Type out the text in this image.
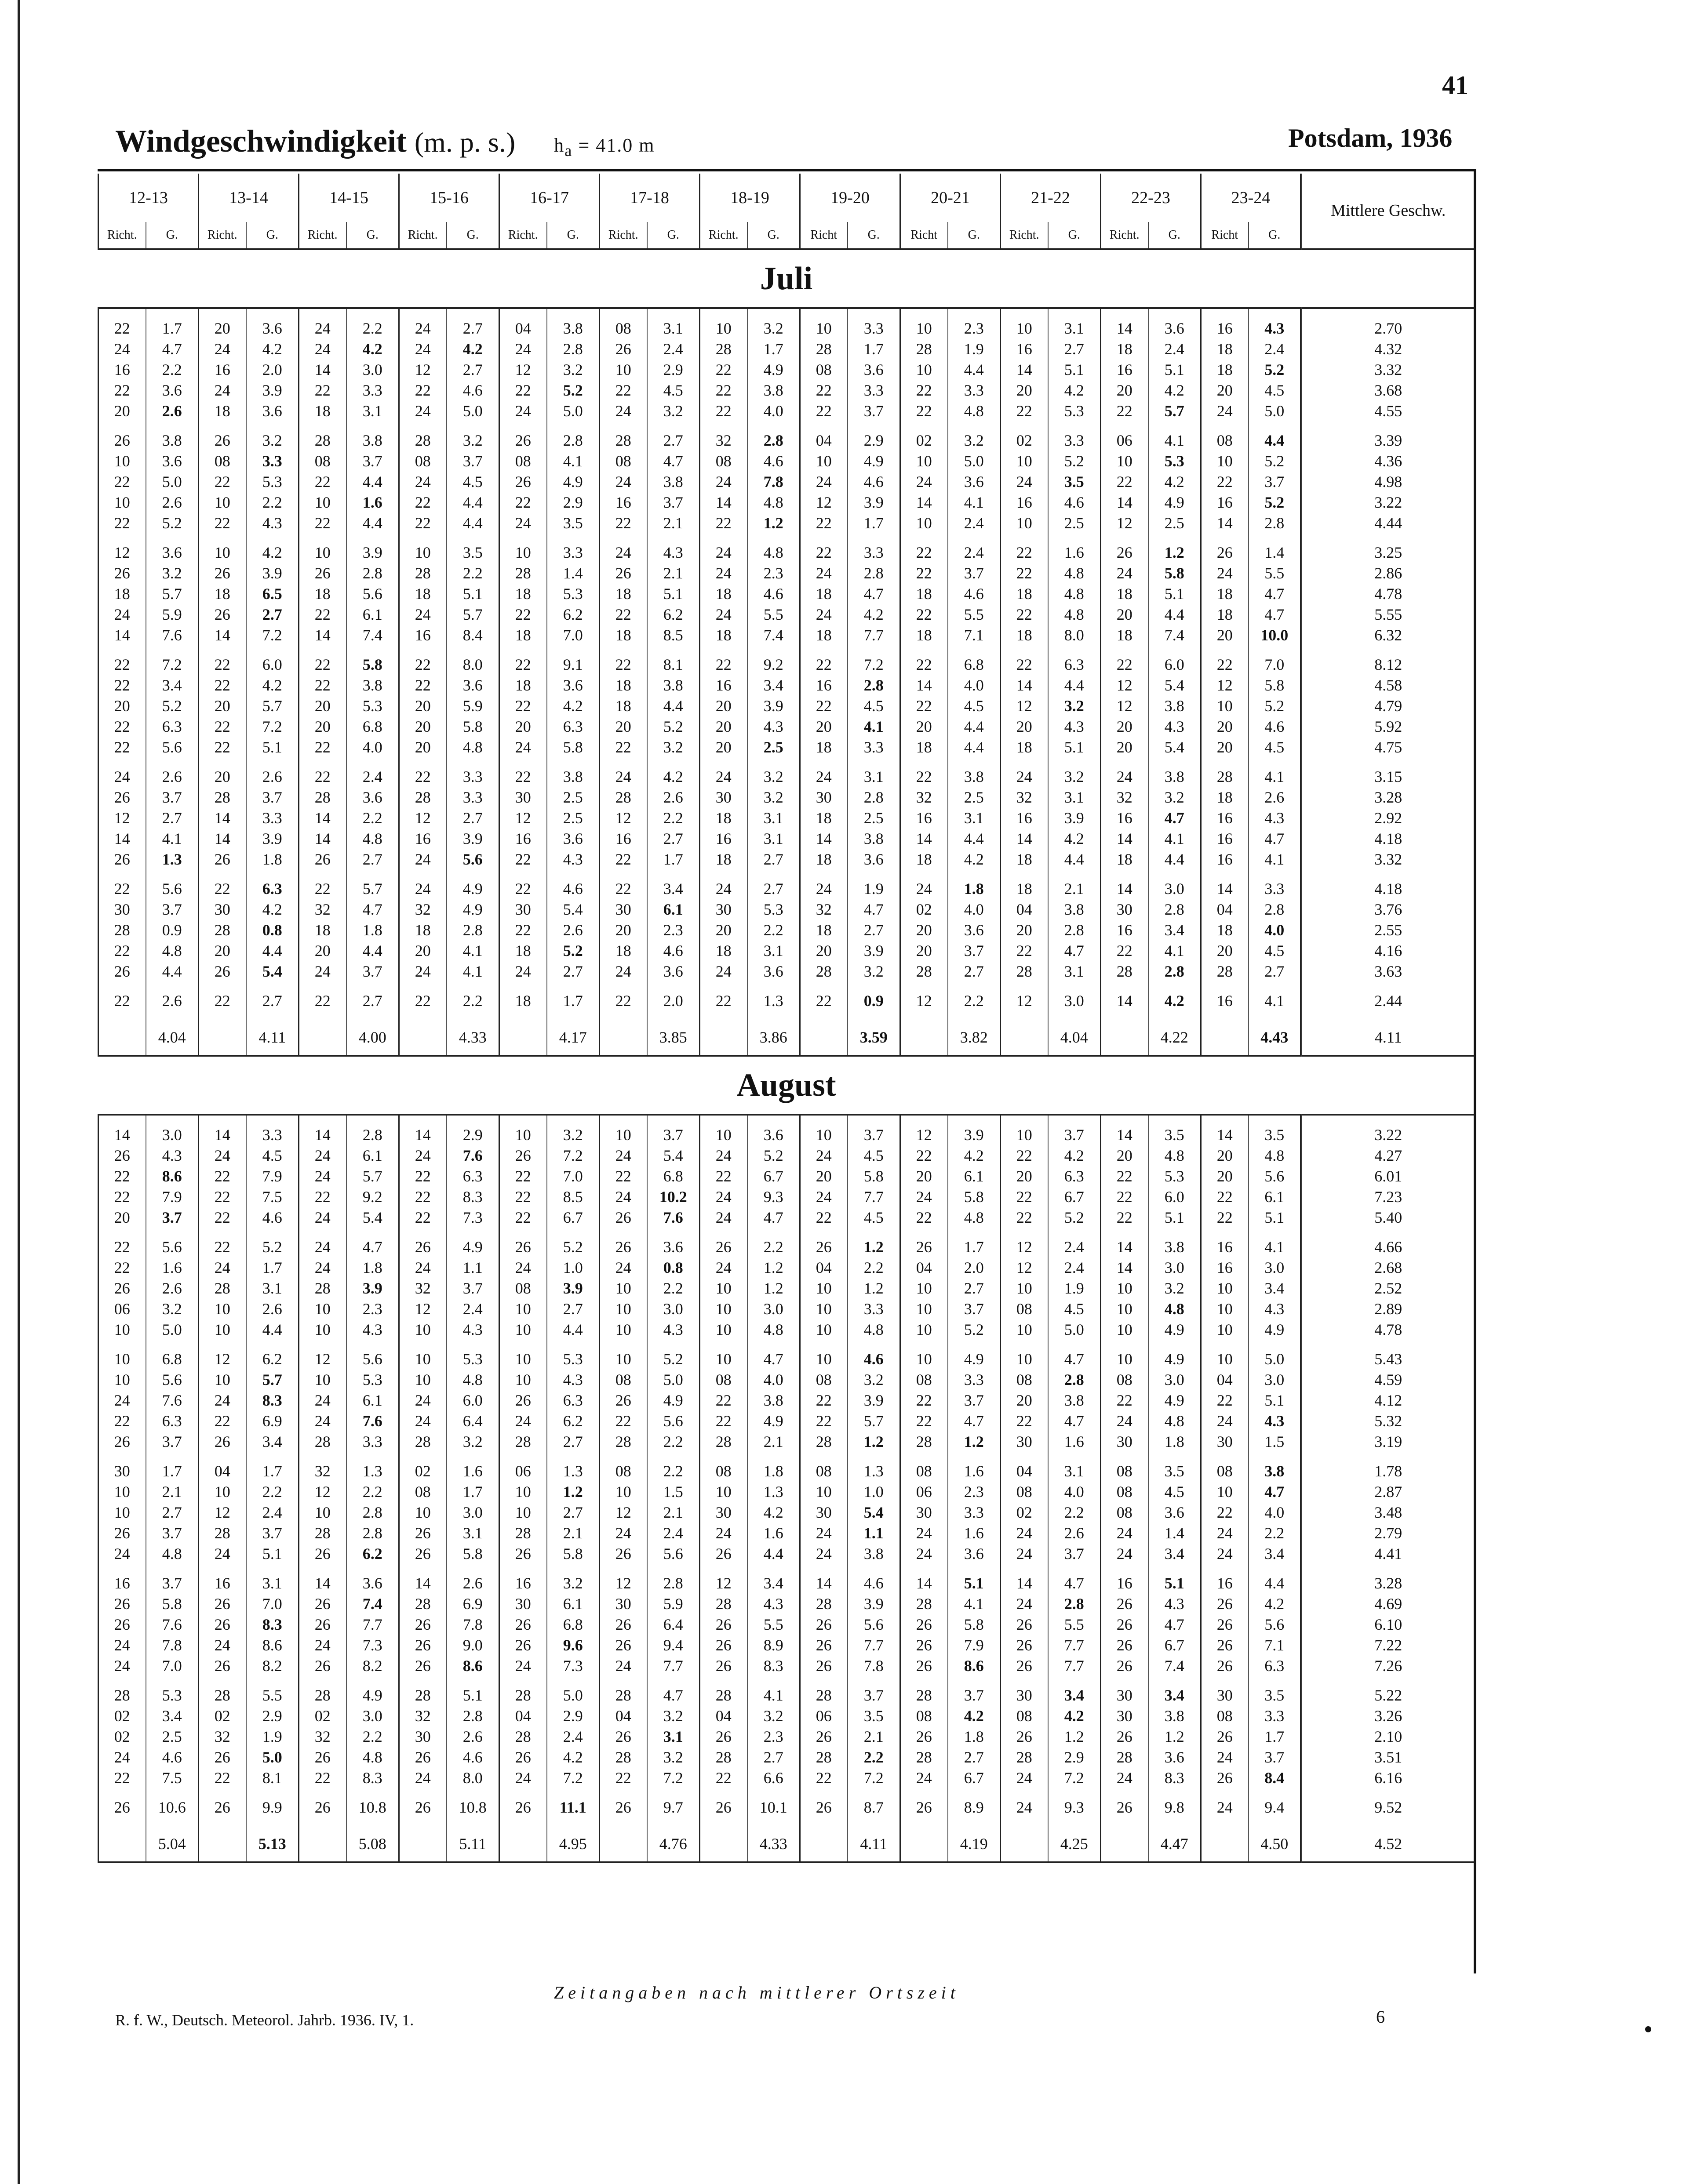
41
Windgeschwindigkeit (m. p. s.) $h_a = 41.0$ m	Potsdam, 1936
12-13		13-14		14-15		15-16		16-17		17-18		18-19		19-20		20-21		21-22		22-23		23-24		Mittlere Geschw.
Richt.	G.	Richt.	G.	Richt.	G.	Richt.	G.	Richt.	G.	Richt.	G.	Richt.	G.	Richt	G.	Richt	G.	Richt.	G.	Richt.	G.	Richt	G.	
Juli																								

22	1.7	20	3.6	24	2.2	24	2.7	04	3.8	08	3.1	10	3.2	10	3.3	10	2.3	10	3.1	14	3.6	16	4.3	2.70
24	4.7	24	4.2	24	4.2	24	4.2	24	2.8	26	2.4	28	1.7	28	1.7	28	1.9	16	2.7	18	2.4	18	2.4	4.32
16	2.2	16	2.0	14	3.0	12	2.7	12	3.2	10	2.9	22	4.9	08	3.6	10	4.4	14	5.1	16	5.1	18	5.2	3.32
22	3.6	24	3.9	22	3.3	22	4.6	22	5.2	22	4.5	22	3.8	22	3.3	22	3.3	20	4.2	20	4.2	20	4.5	3.68
20	2.6	18	3.6	18	3.1	24	5.0	24	5.0	24	3.2	22	4.0	22	3.7	22	4.8	22	5.3	22	5.7	24	5.0	4.55

26	3.8	26	3.2	28	3.8	28	3.2	26	2.8	28	2.7	32	2.8	04	2.9	02	3.2	02	3.3	06	4.1	08	4.4	3.39
10	3.6	08	3.3	08	3.7	08	3.7	08	4.1	08	4.7	08	4.6	10	4.9	10	5.0	10	5.2	10	5.3	10	5.2	4.36
22	5.0	22	5.3	22	4.4	24	4.5	26	4.9	24	3.8	24	7.8	24	4.6	24	3.6	24	3.5	22	4.2	22	3.7	4.98
10	2.6	10	2.2	10	1.6	22	4.4	22	2.9	16	3.7	14	4.8	12	3.9	14	4.1	16	4.6	14	4.9	16	5.2	3.22
22	5.2	22	4.3	22	4.4	22	4.4	24	3.5	22	2.1	22	1.2	22	1.7	10	2.4	10	2.5	12	2.5	14	2.8	4.44

12	3.6	10	4.2	10	3.9	10	3.5	10	3.3	24	4.3	24	4.8	22	3.3	22	2.4	22	1.6	26	1.2	26	1.4	3.25
26	3.2	26	3.9	26	2.8	28	2.2	28	1.4	26	2.1	24	2.3	24	2.8	22	3.7	22	4.8	24	5.8	24	5.5	2.86
18	5.7	18	6.5	18	5.6	18	5.1	18	5.3	18	5.1	18	4.6	18	4.7	18	4.6	18	4.8	18	5.1	18	4.7	4.78
24	5.9	26	2.7	22	6.1	24	5.7	22	6.2	22	6.2	24	5.5	24	4.2	22	5.5	22	4.8	20	4.4	18	4.7	5.55
14	7.6	14	7.2	14	7.4	16	8.4	18	7.0	18	8.5	18	7.4	18	7.7	18	7.1	18	8.0	18	7.4	20	10.0	6.32

22	7.2	22	6.0	22	5.8	22	8.0	22	9.1	22	8.1	22	9.2	22	7.2	22	6.8	22	6.3	22	6.0	22	7.0	8.12
22	3.4	22	4.2	22	3.8	22	3.6	18	3.6	18	3.8	16	3.4	16	2.8	14	4.0	14	4.4	12	5.4	12	5.8	4.58
20	5.2	20	5.7	20	5.3	20	5.9	22	4.2	18	4.4	20	3.9	22	4.5	22	4.5	12	3.2	12	3.8	10	5.2	4.79
22	6.3	22	7.2	20	6.8	20	5.8	20	6.3	20	5.2	20	4.3	20	4.1	20	4.4	20	4.3	20	4.3	20	4.6	5.92
22	5.6	22	5.1	22	4.0	20	4.8	24	5.8	22	3.2	20	2.5	18	3.3	18	4.4	18	5.1	20	5.4	20	4.5	4.75

24	2.6	20	2.6	22	2.4	22	3.3	22	3.8	24	4.2	24	3.2	24	3.1	22	3.8	24	3.2	24	3.8	28	4.1	3.15
26	3.7	28	3.7	28	3.6	28	3.3	30	2.5	28	2.6	30	3.2	30	2.8	32	2.5	32	3.1	32	3.2	18	2.6	3.28
12	2.7	14	3.3	14	2.2	12	2.7	12	2.5	12	2.2	18	3.1	18	2.5	16	3.1	16	3.9	16	4.7	16	4.3	2.92
14	4.1	14	3.9	14	4.8	16	3.9	16	3.6	16	2.7	16	3.1	14	3.8	14	4.4	14	4.2	14	4.1	16	4.7	4.18
26	1.3	26	1.8	26	2.7	24	5.6	22	4.3	22	1.7	18	2.7	18	3.6	18	4.2	18	4.4	18	4.4	16	4.1	3.32

22	5.6	22	6.3	22	5.7	24	4.9	22	4.6	22	3.4	24	2.7	24	1.9	24	1.8	18	2.1	14	3.0	14	3.3	4.18
30	3.7	30	4.2	32	4.7	32	4.9	30	5.4	30	6.1	30	5.3	32	4.7	02	4.0	04	3.8	30	2.8	04	2.8	3.76
28	0.9	28	0.8	18	1.8	18	2.8	22	2.6	20	2.3	20	2.2	18	2.7	20	3.6	20	2.8	16	3.4	18	4.0	2.55
22	4.8	20	4.4	20	4.4	20	4.1	18	5.2	18	4.6	18	3.1	20	3.9	20	3.7	22	4.7	22	4.1	20	4.5	4.16
26	4.4	26	5.4	24	3.7	24	4.1	24	2.7	24	3.6	24	3.6	28	3.2	28	2.7	28	3.1	28	2.8	28	2.7	3.63

22	2.6	22	2.7	22	2.7	22	2.2	18	1.7	22	2.0	22	1.3	22	0.9	12	2.2	12	3.0	14	4.2	16	4.1	2.44

	4.04		4.11		4.00		4.33		4.17		3.85		3.86		3.59		3.82		4.04		4.22		4.43	4.11
August																								

14	3.0	14	3.3	14	2.8	14	2.9	10	3.2	10	3.7	10	3.6	10	3.7	12	3.9	10	3.7	14	3.5	14	3.5	3.22
26	4.3	24	4.5	24	6.1	24	7.6	26	7.2	24	5.4	24	5.2	24	4.5	22	4.2	22	4.2	20	4.8	20	4.8	4.27
22	8.6	22	7.9	24	5.7	22	6.3	22	7.0	22	6.8	22	6.7	20	5.8	20	6.1	20	6.3	22	5.3	20	5.6	6.01
22	7.9	22	7.5	22	9.2	22	8.3	22	8.5	24	10.2	24	9.3	24	7.7	24	5.8	22	6.7	22	6.0	22	6.1	7.23
20	3.7	22	4.6	24	5.4	22	7.3	22	6.7	26	7.6	24	4.7	22	4.5	22	4.8	22	5.2	22	5.1	22	5.1	5.40

22	5.6	22	5.2	24	4.7	26	4.9	26	5.2	26	3.6	26	2.2	26	1.2	26	1.7	12	2.4	14	3.8	16	4.1	4.66
22	1.6	24	1.7	24	1.8	24	1.1	24	1.0	24	0.8	24	1.2	04	2.2	04	2.0	12	2.4	14	3.0	16	3.0	2.68
26	2.6	28	3.1	28	3.9	32	3.7	08	3.9	10	2.2	10	1.2	10	1.2	10	2.7	10	1.9	10	3.2	10	3.4	2.52
06	3.2	10	2.6	10	2.3	12	2.4	10	2.7	10	3.0	10	3.0	10	3.3	10	3.7	08	4.5	10	4.8	10	4.3	2.89
10	5.0	10	4.4	10	4.3	10	4.3	10	4.4	10	4.3	10	4.8	10	4.8	10	5.2	10	5.0	10	4.9	10	4.9	4.78

10	6.8	12	6.2	12	5.6	10	5.3	10	5.3	10	5.2	10	4.7	10	4.6	10	4.9	10	4.7	10	4.9	10	5.0	5.43
10	5.6	10	5.7	10	5.3	10	4.8	10	4.3	08	5.0	08	4.0	08	3.2	08	3.3	08	2.8	08	3.0	04	3.0	4.59
24	7.6	24	8.3	24	6.1	24	6.0	26	6.3	26	4.9	22	3.8	22	3.9	22	3.7	20	3.8	22	4.9	22	5.1	4.12
22	6.3	22	6.9	24	7.6	24	6.4	24	6.2	22	5.6	22	4.9	22	5.7	22	4.7	22	4.7	24	4.8	24	4.3	5.32
26	3.7	26	3.4	28	3.3	28	3.2	28	2.7	28	2.2	28	2.1	28	1.2	28	1.2	30	1.6	30	1.8	30	1.5	3.19

30	1.7	04	1.7	32	1.3	02	1.6	06	1.3	08	2.2	08	1.8	08	1.3	08	1.6	04	3.1	08	3.5	08	3.8	1.78
10	2.1	10	2.2	12	2.2	08	1.7	10	1.2	10	1.5	10	1.3	10	1.0	06	2.3	08	4.0	08	4.5	10	4.7	2.87
10	2.7	12	2.4	10	2.8	10	3.0	10	2.7	12	2.1	30	4.2	30	5.4	30	3.3	02	2.2	08	3.6	22	4.0	3.48
26	3.7	28	3.7	28	2.8	26	3.1	28	2.1	24	2.4	24	1.6	24	1.1	24	1.6	24	2.6	24	1.4	24	2.2	2.79
24	4.8	24	5.1	26	6.2	26	5.8	26	5.8	26	5.6	26	4.4	24	3.8	24	3.6	24	3.7	24	3.4	24	3.4	4.41

16	3.7	16	3.1	14	3.6	14	2.6	16	3.2	12	2.8	12	3.4	14	4.6	14	5.1	14	4.7	16	5.1	16	4.4	3.28
26	5.8	26	7.0	26	7.4	28	6.9	30	6.1	30	5.9	28	4.3	28	3.9	28	4.1	24	2.8	26	4.3	26	4.2	4.69
26	7.6	26	8.3	26	7.7	26	7.8	26	6.8	26	6.4	26	5.5	26	5.6	26	5.8	26	5.5	26	4.7	26	5.6	6.10
24	7.8	24	8.6	24	7.3	26	9.0	26	9.6	26	9.4	26	8.9	26	7.7	26	7.9	26	7.7	26	6.7	26	7.1	7.22
24	7.0	26	8.2	26	8.2	26	8.6	24	7.3	24	7.7	26	8.3	26	7.8	26	8.6	26	7.7	26	7.4	26	6.3	7.26

28	5.3	28	5.5	28	4.9	28	5.1	28	5.0	28	4.7	28	4.1	28	3.7	28	3.7	30	3.4	30	3.4	30	3.5	5.22
02	3.4	02	2.9	02	3.0	32	2.8	04	2.9	04	3.2	04	3.2	06	3.5	08	4.2	08	4.2	30	3.8	08	3.3	3.26
02	2.5	32	1.9	32	2.2	30	2.6	28	2.4	26	3.1	26	2.3	26	2.1	26	1.8	26	1.2	26	1.2	26	1.7	2.10
24	4.6	26	5.0	26	4.8	26	4.6	26	4.2	28	3.2	28	2.7	28	2.2	28	2.7	28	2.9	28	3.6	24	3.7	3.51
22	7.5	22	8.1	22	8.3	24	8.0	24	7.2	22	7.2	22	6.6	22	7.2	24	6.7	24	7.2	24	8.3	26	8.4	6.16

26	10.6	26	9.9	26	10.8	26	10.8	26	11.1	26	9.7	26	10.1	26	8.7	26	8.9	24	9.3	26	9.8	24	9.4	9.52

	5.04		5.13		5.08		5.11		4.95		4.76		4.33		4.11		4.19		4.25		4.47		4.50	4.52
Zeitangaben nach mittlerer Ortszeit
R. f. W., Deutsch. Meteorol. Jahrb. 1936. IV, 1.	6
